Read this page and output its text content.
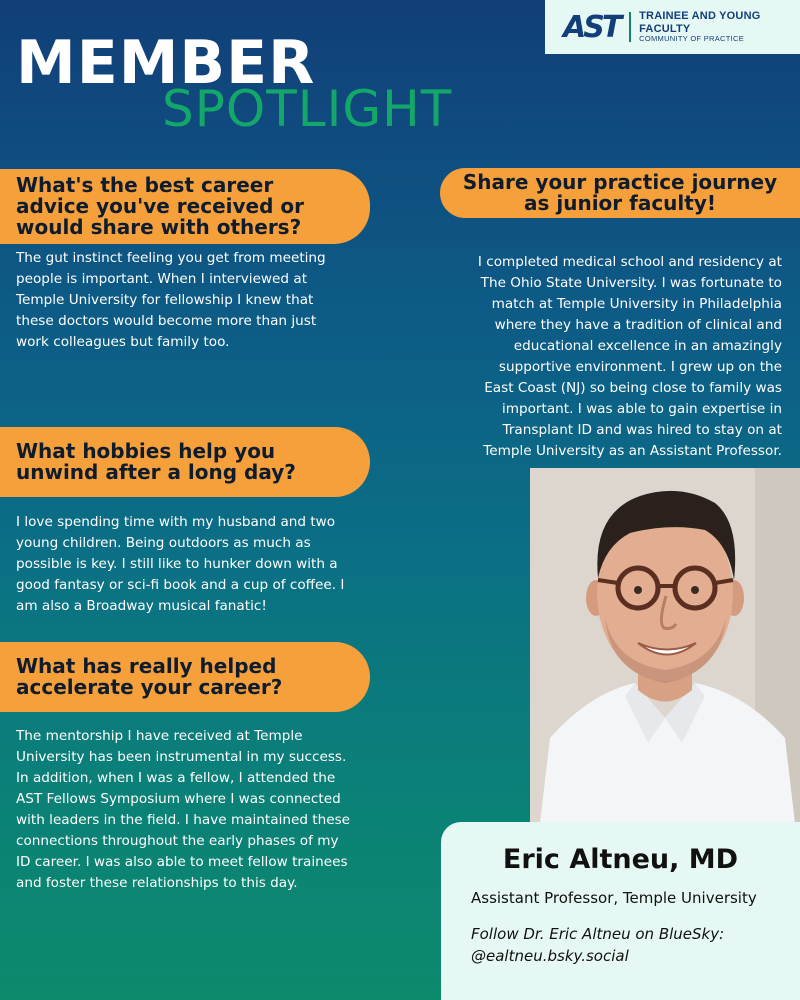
AST TRAINEE AND YOUNG FACULTY
COMMUNITY OF PRACTICE
MEMBER
SPOTLIGHT
What's the best career advice you've received or would share with others?
The gut instinct feeling you get from meeting people is important. When I interviewed at Temple University for fellowship I knew that these doctors would become more than just work colleagues but family too.
Share your practice journey as junior faculty!
I completed medical school and residency at The Ohio State University. I was fortunate to match at Temple University in Philadelphia where they have a tradition of clinical and educational excellence in an amazingly supportive environment. I grew up on the East Coast (NJ) so being close to family was important. I was able to gain expertise in Transplant ID and was hired to stay on at Temple University as an Assistant Professor.
What hobbies help you unwind after a long day?
I love spending time with my husband and two young children. Being outdoors as much as possible is key. I still like to hunker down with a good fantasy or sci-fi book and a cup of coffee. I am also a Broadway musical fanatic!
What has really helped accelerate your career?
The mentorship I have received at Temple University has been instrumental in my success. In addition, when I was a fellow, I attended the AST Fellows Symposium where I was connected with leaders in the field. I have maintained these connections throughout the early phases of my ID career. I was also able to meet fellow trainees and foster these relationships to this day.
Eric Altneu, MD
Assistant Professor, Temple University
Follow Dr. Eric Altneu on BlueSky:
@ealtneu.bsky.social
